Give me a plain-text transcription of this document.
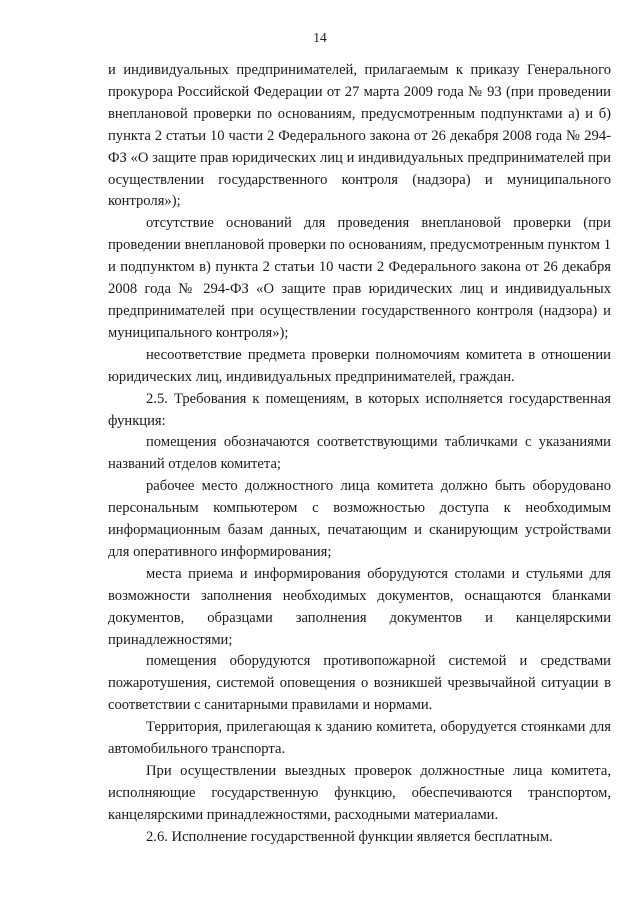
14

и индивидуальных предпринимателей, прилагаемым к приказу Генерального прокурора Российской Федерации от 27 марта 2009 года № 93 (при проведении внеплановой проверки по основаниям, предусмотренным подпунктами а) и б) пункта 2 статьи 10 части 2 Федерального закона от 26 декабря 2008 года № 294-ФЗ «О защите прав юридических лиц и индивидуальных предпринимателей при осуществлении государственного контроля (надзора) и муниципального контроля»);

отсутствие оснований для проведения внеплановой проверки (при проведении внеплановой проверки по основаниям, предусмотренным пунктом 1 и подпунктом в) пункта 2 статьи 10 части 2 Федерального закона от 26 декабря 2008 года № 294-ФЗ «О защите прав юридических лиц и индивидуальных предпринимателей при осуществлении государственного контроля (надзора) и муниципального контроля»);

несоответствие предмета проверки полномочиям комитета в отношении юридических лиц, индивидуальных предпринимателей, граждан.

2.5. Требования к помещениям, в которых исполняется государственная функция:

помещения обозначаются соответствующими табличками с указаниями названий отделов комитета;

рабочее место должностного лица комитета должно быть оборудовано персональным компьютером с возможностью доступа к необходимым информационным базам данных, печатающим и сканирующим устройствами для оперативного информирования;

места приема и информирования оборудуются столами и стульями для возможности заполнения необходимых документов, оснащаются бланками документов, образцами заполнения документов и канцелярскими принадлежностями;

помещения оборудуются противопожарной системой и средствами пожаротушения, системой оповещения о возникшей чрезвычайной ситуации в соответствии с санитарными правилами и нормами.

Территория, прилегающая к зданию комитета, оборудуется стоянками для автомобильного транспорта.

При осуществлении выездных проверок должностные лица комитета, исполняющие государственную функцию, обеспечиваются транспортом, канцелярскими принадлежностями, расходными материалами.

2.6. Исполнение государственной функции является бесплатным.
